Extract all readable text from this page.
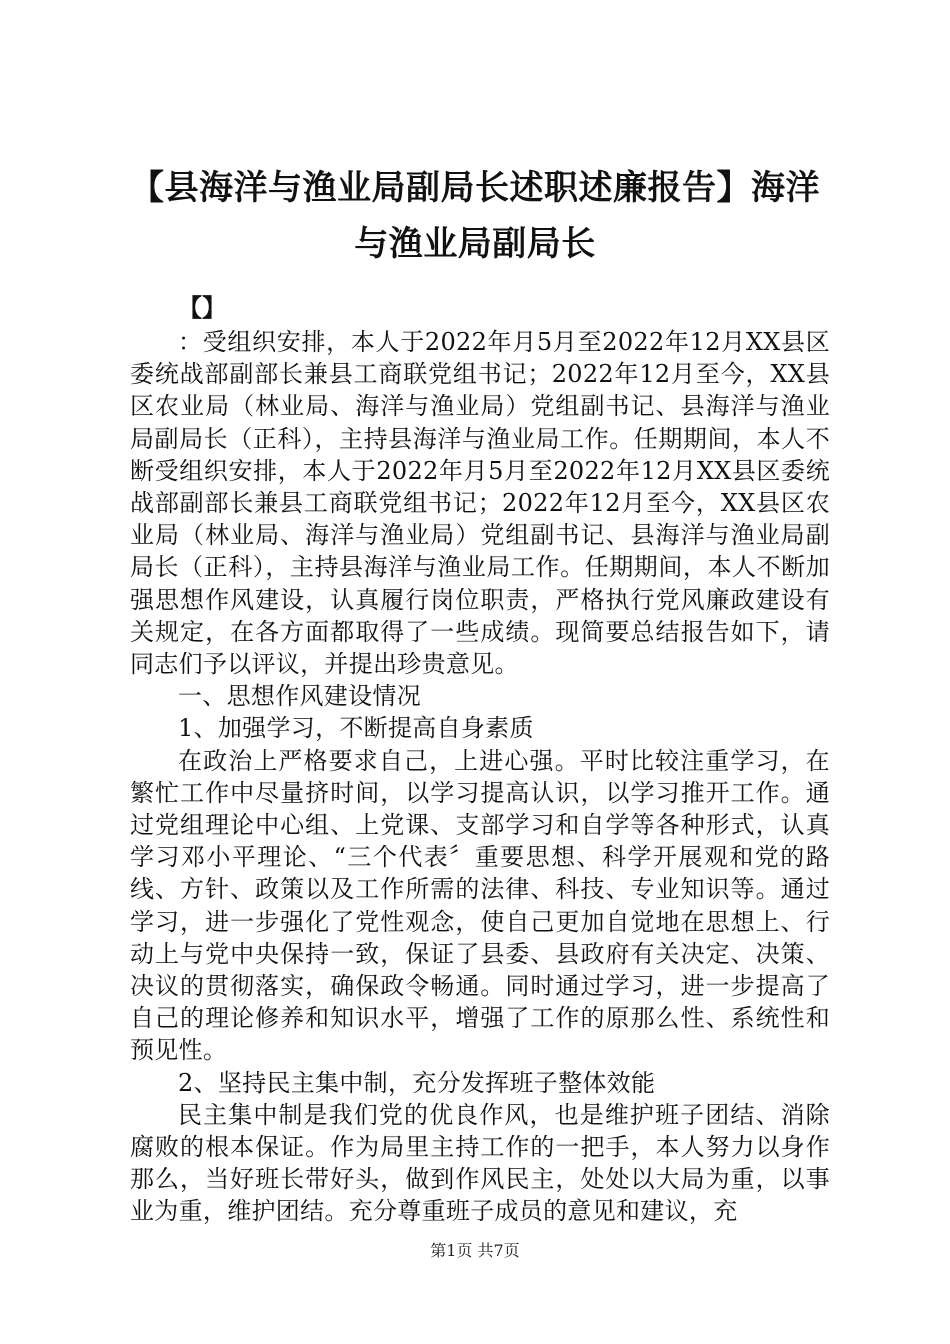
【县海洋与渔业局副局长述职述廉报告】海洋
与渔业局副局长
【】

：受组织安排，本人于2022年月5月至2022年12月XX县区委统战部副部长兼县工商联党组书记；2022年12月至今，XX县区农业局（林业局、海洋与渔业局）党组副书记、县海洋与渔业局副局长（正科），主持县海洋与渔业局工作。任期期间，本人不断受组织安排，本人于2022年月5月至2022年12月XX县区委统战部副部长兼县工商联党组书记；2022年12月至今，XX县区农业局（林业局、海洋与渔业局）党组副书记、县海洋与渔业局副局长（正科），主持县海洋与渔业局工作。任期期间，本人不断加强思想作风建设，认真履行岗位职责，严格执行党风廉政建设有关规定，在各方面都取得了一些成绩。现简要总结报告如下，请同志们予以评议，并提出珍贵意见。

一、思想作风建设情况

1、加强学习，不断提高自身素质

在政治上严格要求自己，上进心强。平时比较注重学习，在繁忙工作中尽量挤时间，以学习提高认识，以学习推开工作。通过党组理论中心组、上党课、支部学习和自学等各种形式，认真学习邓小平理论、“三个代表〞重要思想、科学开展观和党的路线、方针、政策以及工作所需的法律、科技、专业知识等。通过学习，进一步强化了党性观念，使自己更加自觉地在思想上、行动上与党中央保持一致，保证了县委、县政府有关决定、决策、决议的贯彻落实，确保政令畅通。同时通过学习，进一步提高了自己的理论修养和知识水平，增强了工作的原那么性、系统性和预见性。

2、坚持民主集中制，充分发挥班子整体效能

民主集中制是我们党的优良作风，也是维护班子团结、消除腐败的根本保证。作为局里主持工作的一把手，本人努力以身作那么，当好班长带好头，做到作风民主，处处以大局为重，以事业为重，维护团结。充分尊重班子成员的意见和建议，充

第1页 共7页
